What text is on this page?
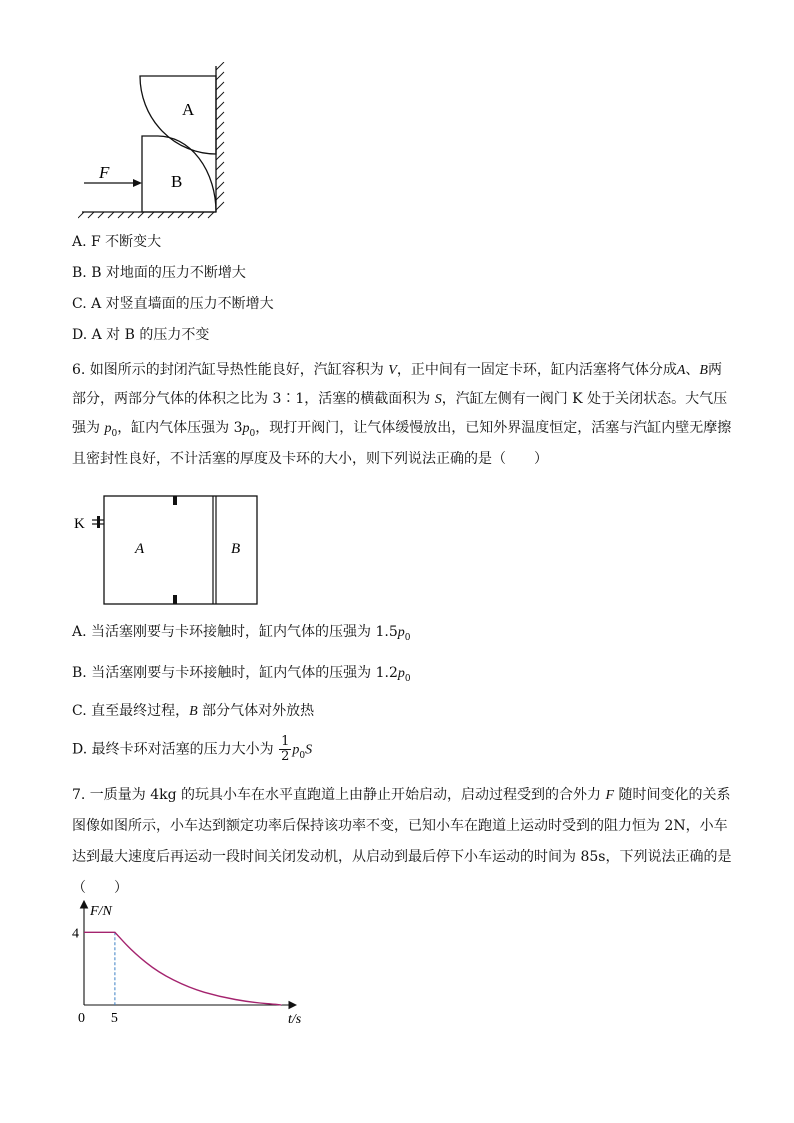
A
B
F
A. F 不断变大
B. B 对地面的压力不断增大
C. A 对竖直墙面的压力不断增大
D. A 对 B 的压力不变
6. 如图所示的封闭汽缸导热性能良好，汽缸容积为 V，正中间有一固定卡环，缸内活塞将气体分成A、B两部分，两部分气体的体积之比为 3∶1，活塞的横截面积为 S，汽缸左侧有一阀门 K 处于关闭状态。大气压强为 $p_0$，缸内气体压强为 $3p_0$，现打开阀门，让气体缓慢放出，已知外界温度恒定，活塞与汽缸内壁无摩擦且密封性良好，不计活塞的厚度及卡环的大小，则下列说法正确的是（　　）
K
A	B
A. 当活塞刚要与卡环接触时，缸内气体的压强为 $1.5p_0$
B. 当活塞刚要与卡环接触时，缸内气体的压强为 $1.2p_0$
C. 直至最终过程，B 部分气体对外放热
D. 最终卡环对活塞的压力大小为 $\frac{1}{2} p_0S$
7. 一质量为 4kg 的玩具小车在水平直跑道上由静止开始启动，启动过程受到的合外力 F 随时间变化的关系图像如图所示，小车达到额定功率后保持该功率不变，已知小车在跑道上运动时受到的阻力恒为 2N，小车达到最大速度后再运动一段时间关闭发动机，从启动到最后停下小车运动的时间为 85s，下列说法正确的是（　　）
F/N
t/s
0
4
5
